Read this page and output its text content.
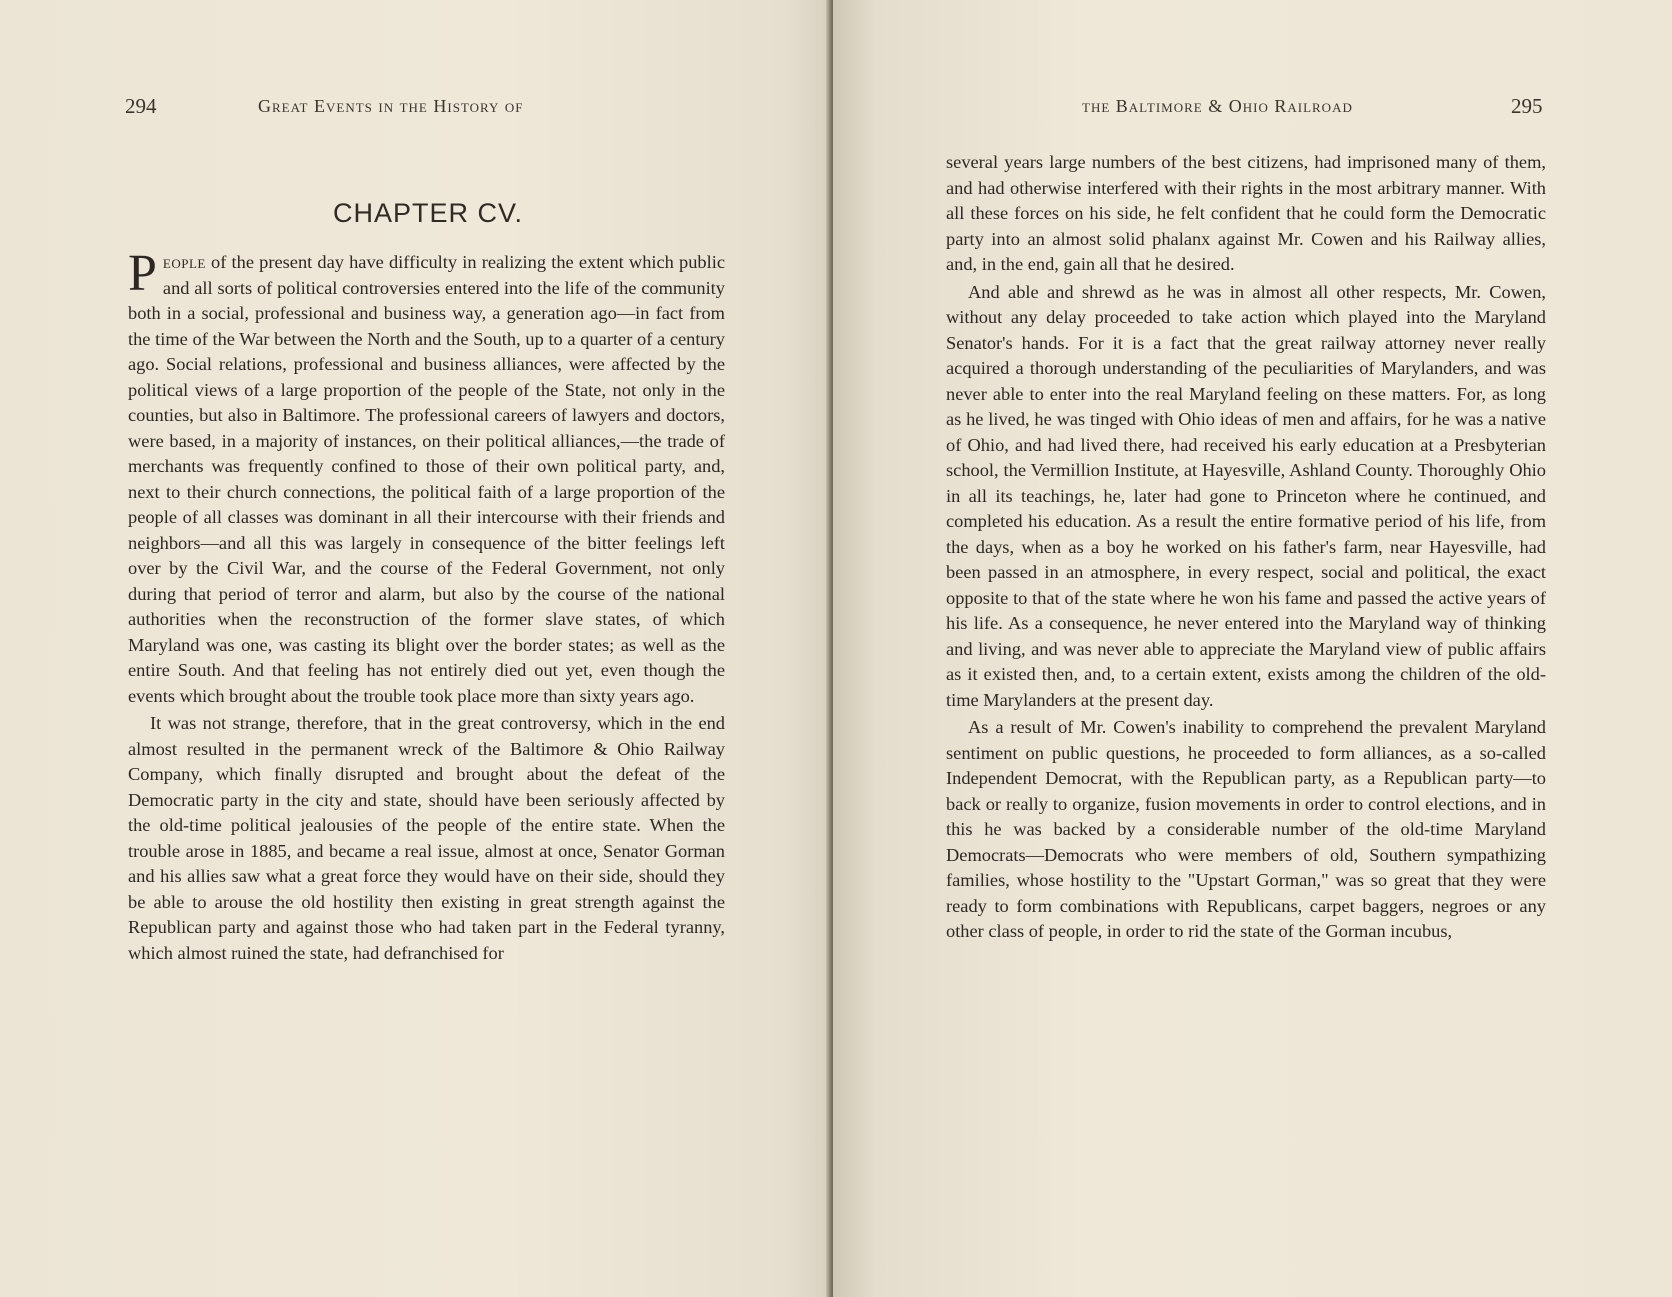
294	Great Events in the History of
CHAPTER CV.

People of the present day have difficulty in realizing the extent which public and all sorts of political controversies entered into the life of the community both in a social, professional and business way, a generation ago—in fact from the time of the War between the North and the South, up to a quarter of a century ago. Social relations, professional and business alliances, were affected by the political views of a large proportion of the people of the State, not only in the counties, but also in Baltimore. The professional careers of lawyers and doctors, were based, in a majority of instances, on their political alliances,—the trade of merchants was frequently confined to those of their own political party, and, next to their church connections, the political faith of a large proportion of the people of all classes was dominant in all their intercourse with their friends and neighbors—and all this was largely in consequence of the bitter feelings left over by the Civil War, and the course of the Federal Government, not only during that period of terror and alarm, but also by the course of the national authorities when the reconstruction of the former slave states, of which Maryland was one, was casting its blight over the border states; as well as the entire South. And that feeling has not entirely died out yet, even though the events which brought about the trouble took place more than sixty years ago.

It was not strange, therefore, that in the great controversy, which in the end almost resulted in the permanent wreck of the Baltimore & Ohio Railway Company, which finally disrupted and brought about the defeat of the Democratic party in the city and state, should have been seriously affected by the old-time political jealousies of the people of the entire state. When the trouble arose in 1885, and became a real issue, almost at once, Senator Gorman and his allies saw what a great force they would have on their side, should they be able to arouse the old hostility then existing in great strength against the Republican party and against those who had taken part in the Federal tyranny, which almost ruined the state, had defranchised for

the Baltimore & Ohio Railroad	295

several years large numbers of the best citizens, had imprisoned many of them, and had otherwise interfered with their rights in the most arbitrary manner. With all these forces on his side, he felt confident that he could form the Democratic party into an almost solid phalanx against Mr. Cowen and his Railway allies, and, in the end, gain all that he desired.

And able and shrewd as he was in almost all other respects, Mr. Cowen, without any delay proceeded to take action which played into the Maryland Senator's hands. For it is a fact that the great railway attorney never really acquired a thorough understanding of the peculiarities of Marylanders, and was never able to enter into the real Maryland feeling on these matters. For, as long as he lived, he was tinged with Ohio ideas of men and affairs, for he was a native of Ohio, and had lived there, had received his early education at a Presbyterian school, the Vermillion Institute, at Hayesville, Ashland County. Thoroughly Ohio in all its teachings, he, later had gone to Princeton where he continued, and completed his education. As a result the entire formative period of his life, from the days, when as a boy he worked on his father's farm, near Hayesville, had been passed in an atmosphere, in every respect, social and political, the exact opposite to that of the state where he won his fame and passed the active years of his life. As a consequence, he never entered into the Maryland way of thinking and living, and was never able to appreciate the Maryland view of public affairs as it existed then, and, to a certain extent, exists among the children of the old-time Marylanders at the present day.

As a result of Mr. Cowen's inability to comprehend the prevalent Maryland sentiment on public questions, he proceeded to form alliances, as a so-called Independent Democrat, with the Republican party, as a Republican party—to back or really to organize, fusion movements in order to control elections, and in this he was backed by a considerable number of the old-time Maryland Democrats—Democrats who were members of old, Southern sympathizing families, whose hostility to the "Upstart Gorman," was so great that they were ready to form combinations with Republicans, carpet baggers, negroes or any other class of people, in order to rid the state of the Gorman incubus,
